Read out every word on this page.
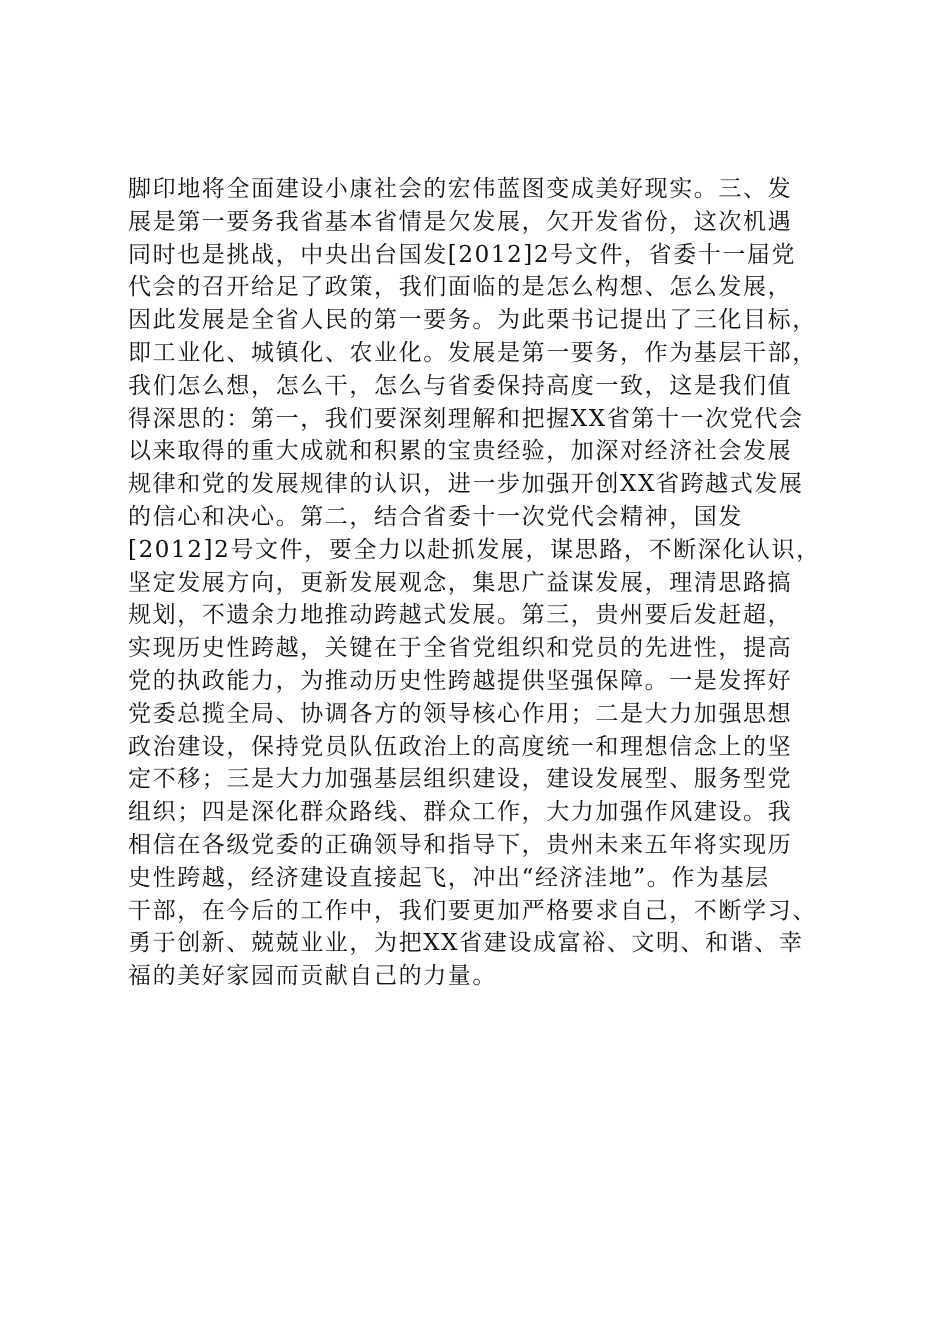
脚印地将全面建设小康社会的宏伟蓝图变成美好现实。三、发

展是第一要务我省基本省情是欠发展，欠开发省份，这次机遇

同时也是挑战，中央出台国发[2012]2号文件，省委十一届党

代会的召开给足了政策，我们面临的是怎么构想、怎么发展，

因此发展是全省人民的第一要务。为此栗书记提出了三化目标，

即工业化、城镇化、农业化。发展是第一要务，作为基层干部，

我们怎么想，怎么干，怎么与省委保持高度一致，这是我们值

得深思的：第一，我们要深刻理解和把握XX省第十一次党代会

以来取得的重大成就和积累的宝贵经验，加深对经济社会发展

规律和党的发展规律的认识，进一步加强开创XX省跨越式发展

的信心和决心。第二，结合省委十一次党代会精神，国发

[2012]2号文件，要全力以赴抓发展，谋思路，不断深化认识，

坚定发展方向，更新发展观念，集思广益谋发展，理清思路搞

规划，不遗余力地推动跨越式发展。第三，贵州要后发赶超，

实现历史性跨越，关键在于全省党组织和党员的先进性，提高

党的执政能力，为推动历史性跨越提供坚强保障。一是发挥好

党委总揽全局、协调各方的领导核心作用；二是大力加强思想

政治建设，保持党员队伍政治上的高度统一和理想信念上的坚

定不移；三是大力加强基层组织建设，建设发展型、服务型党

组织；四是深化群众路线、群众工作，大力加强作风建设。我

相信在各级党委的正确领导和指导下，贵州未来五年将实现历

史性跨越，经济建设直接起飞，冲出“经济洼地”。作为基层

干部，在今后的工作中，我们要更加严格要求自己，不断学习、

勇于创新、兢兢业业，为把XX省建设成富裕、文明、和谐、幸

福的美好家园而贡献自己的力量。
